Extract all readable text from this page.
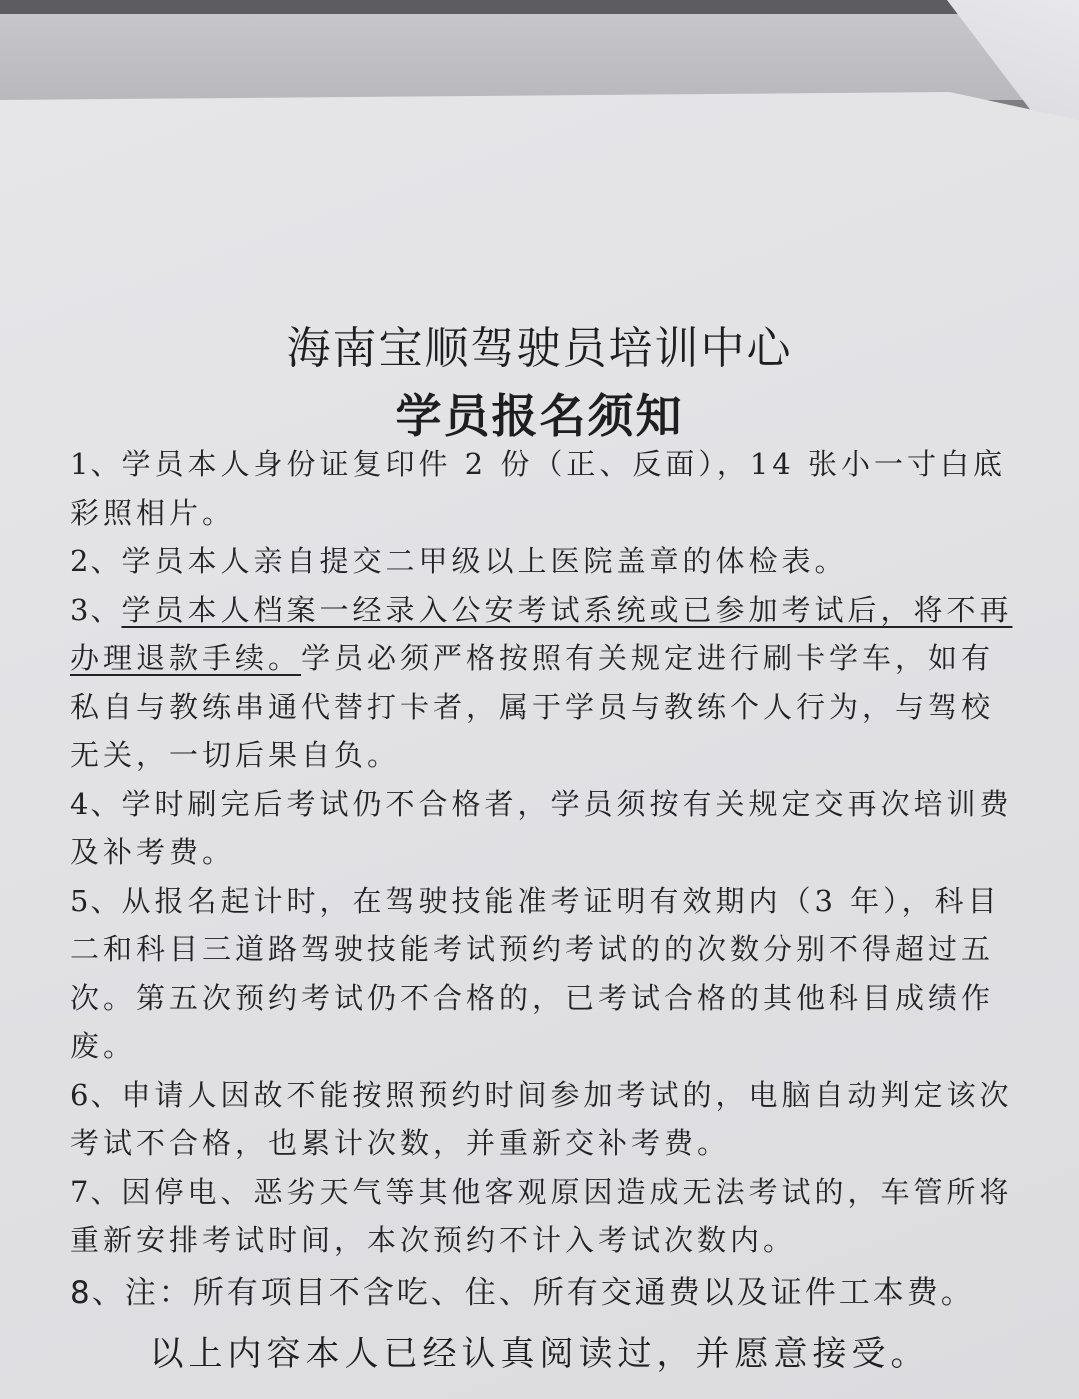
海南宝顺驾驶员培训中心
学员报名须知

1、学员本人身份证复印件 2 份（正、反面），14 张小一寸白底彩照相片。

2、学员本人亲自提交二甲级以上医院盖章的体检表。

3、学员本人档案一经录入公安考试系统或已参加考试后，将不再办理退款手续。学员必须严格按照有关规定进行刷卡学车，如有私自与教练串通代替打卡者，属于学员与教练个人行为，与驾校无关，一切后果自负。

4、学时刷完后考试仍不合格者，学员须按有关规定交再次培训费及补考费。

5、从报名起计时，在驾驶技能准考证明有效期内（3 年），科目二和科目三道路驾驶技能考试预约考试的的次数分别不得超过五次。第五次预约考试仍不合格的，已考试合格的其他科目成绩作废。

6、申请人因故不能按照预约时间参加考试的，电脑自动判定该次考试不合格，也累计次数，并重新交补考费。

7、因停电、恶劣天气等其他客观原因造成无法考试的，车管所将重新安排考试时间，本次预约不计入考试次数内。

8、注：所有项目不含吃、住、所有交通费以及证件工本费。

以上内容本人已经认真阅读过，并愿意接受。
